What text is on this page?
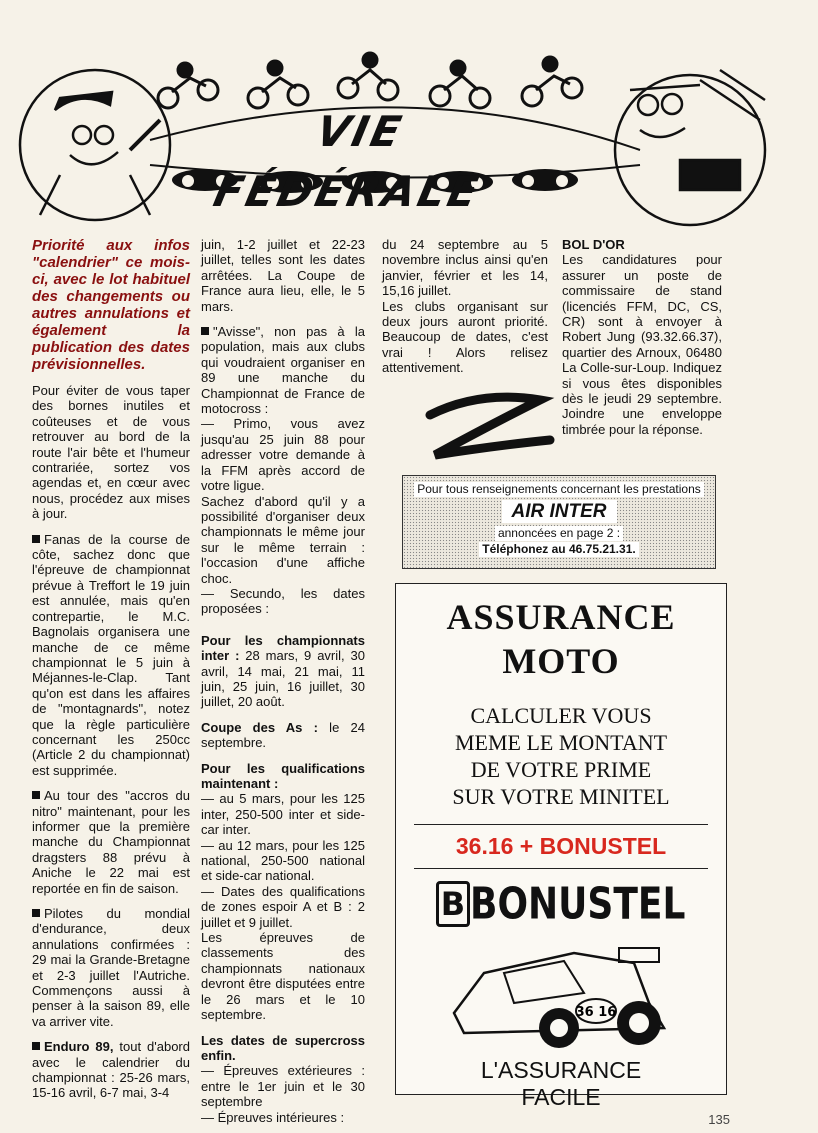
VIE FÉDÉRALE

Priorité aux infos "calendrier" ce mois-ci, avec le lot habituel des changements ou autres annulations et également la publication des dates prévisionnelles.

Pour éviter de vous taper des bornes inutiles et coûteuses et de vous retrouver au bord de la route l'air bête et l'humeur contrariée, sortez vos agendas et, en cœur avec nous, procédez aux mises à jour.

Fanas de la course de côte, sachez donc que l'épreuve de championnat prévue à Treffort le 19 juin est annulée, mais qu'en contrepartie, le M.C. Bagnolais organisera une manche de ce même championnat le 5 juin à Méjannes-le-Clap. Tant qu'on est dans les affaires de "montagnards", notez que la règle particulière concernant les 250cc (Article 2 du championnat) est supprimée.

Au tour des "accros du nitro" maintenant, pour les informer que la première manche du Championnat dragsters 88 prévu à Aniche le 22 mai est reportée en fin de saison.

Pilotes du mondial d'endurance, deux annulations confirmées : 29 mai la Grande-Bretagne et 2-3 juillet l'Autriche. Commençons aussi à penser à la saison 89, elle va arriver vite.

Enduro 89, tout d'abord avec le calendrier du championnat : 25-26 mars, 15-16 avril, 6-7 mai, 3-4

juin, 1-2 juillet et 22-23 juillet, telles sont les dates arrêtées. La Coupe de France aura lieu, elle, le 5 mars.

"Avisse", non pas à la population, mais aux clubs qui voudraient organiser en 89 une manche du Championnat de France de motocross :

— Primo, vous avez jusqu'au 25 juin 88 pour adresser votre demande à la FFM après accord de votre ligue.

Sachez d'abord qu'il y a possibilité d'organiser deux championnats le même jour sur le même terrain : l'occasion d'une affiche choc.

— Secundo, les dates proposées :

Pour les championnats inter : 28 mars, 9 avril, 30 avril, 14 mai, 21 mai, 11 juin, 25 juin, 16 juillet, 30 juillet, 20 août.

Coupe des As : le 24 septembre.

Pour les qualifications maintenant :

— au 5 mars, pour les 125 inter, 250-500 inter et side-car inter.

— au 12 mars, pour les 125 national, 250-500 national et side-car national.

— Dates des qualifications de zones espoir A et B : 2 juillet et 9 juillet.

Les épreuves de classements des championnats nationaux devront être disputées entre le 26 mars et le 10 septembre.

Les dates de supercross enfin.

— Épreuves extérieures : entre le 1er juin et le 30 septembre

— Épreuves intérieures :

du 24 septembre au 5 novembre inclus ainsi qu'en janvier, février et les 14, 15,16 juillet.

Les clubs organisant sur deux jours auront priorité. Beaucoup de dates, c'est vrai ! Alors relisez attentivement.

BOL D'OR

Les candidatures pour assurer un poste de commissaire de stand (licenciés FFM, DC, CS, CR) sont à envoyer à Robert Jung (93.32.66.37), quartier des Arnoux, 06480 La Colle-sur-Loup. Indiquez si vous êtes disponibles dès le jeudi 29 septembre. Joindre une enveloppe timbrée pour la réponse.

Pour tous renseignements concernant les prestations
AIR INTER
annoncées en page 2 :
Téléphonez au 46.75.21.31.
ASSURANCE
MOTO
CALCULER VOUS
MEME LE MONTANT
DE VOTRE PRIME
SUR VOTRE MINITEL
36.16 + BONUSTEL
B BONUSTEL
36 16
L'ASSURANCE
FACILE
135
